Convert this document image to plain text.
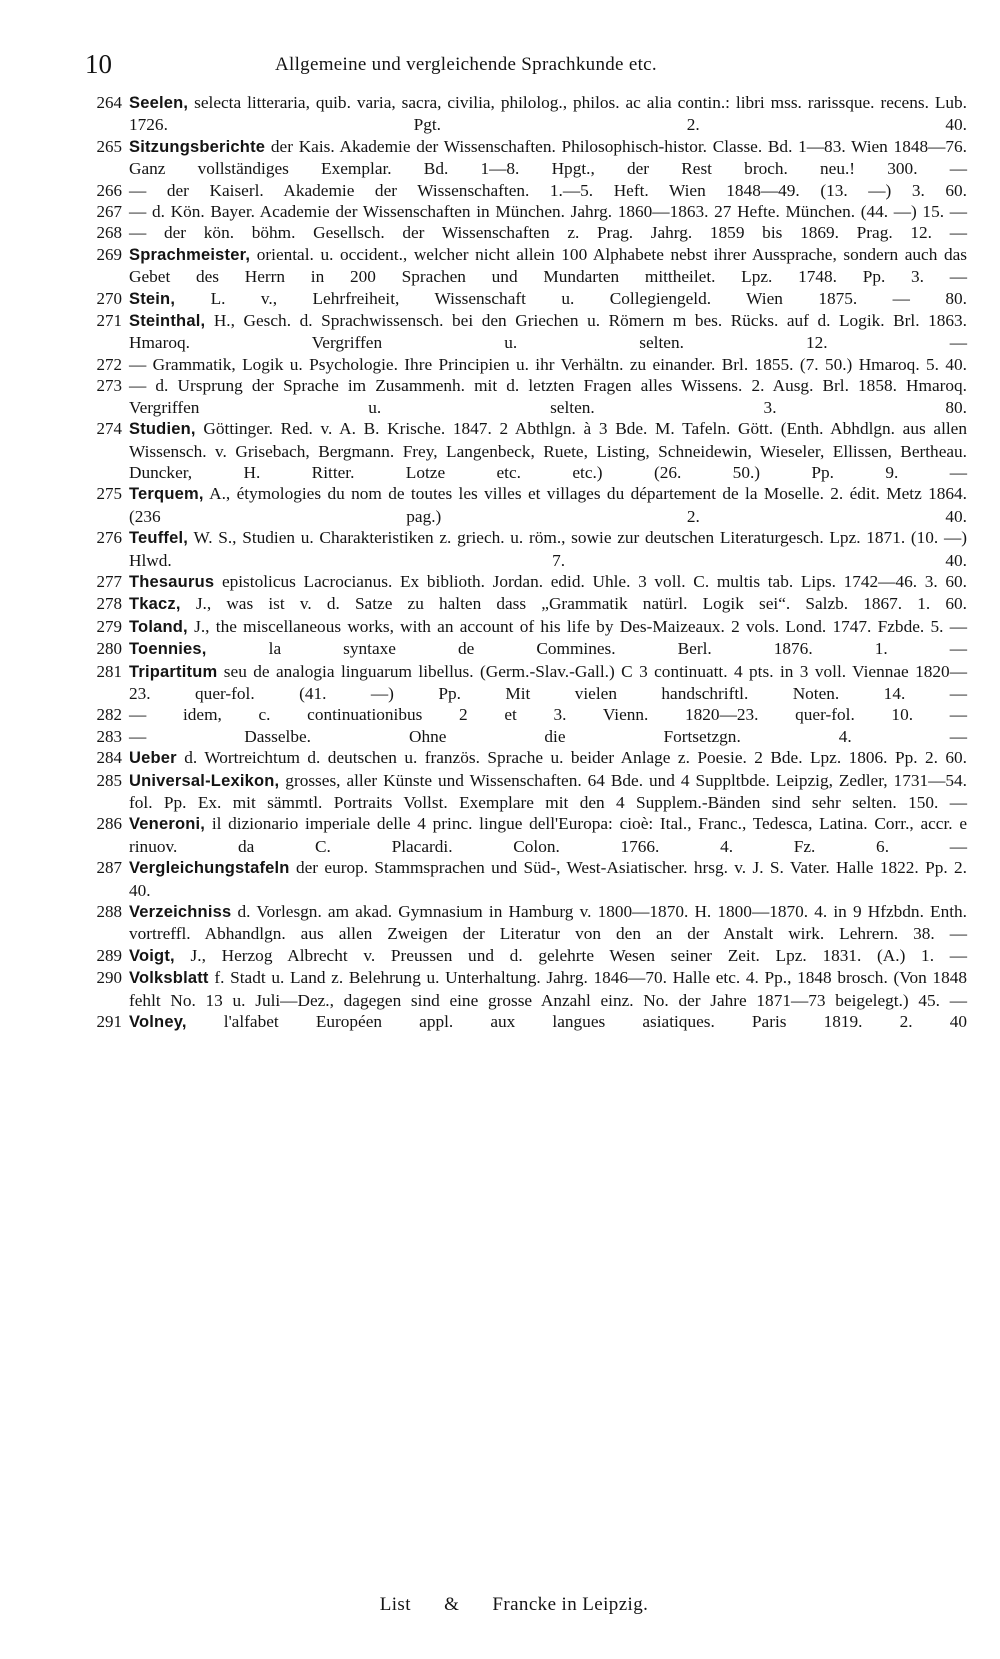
10	Allgemeine und vergleichende Sprachkunde etc.
264 Seelen, selecta litteraria, quib. varia, sacra, civilia, philolog., philos. ac alia contin.: libri mss. rarissque. recens. Lub. 1726. Pgt. 2. 40.
265 Sitzungsberichte der Kais. Akademie der Wissenschaften. Philosophisch-histor. Classe. Bd. 1—83. Wien 1848—76. Ganz vollständiges Exemplar. Bd. 1—8. Hpgt., der Rest broch. neu.! 300. —
266 — der Kaiserl. Akademie der Wissenschaften. 1.—5. Heft. Wien 1848—49. (13. —) 3. 60.
267 — d. Kön. Bayer. Academie der Wissenschaften in München. Jahrg. 1860—1863. 27 Hefte. München. (44. —) 15. —
268 — der kön. böhm. Gesellsch. der Wissenschaften z. Prag. Jahrg. 1859 bis 1869. Prag. 12. —
269 Sprachmeister, oriental. u. occident., welcher nicht allein 100 Alphabete nebst ihrer Aussprache, sondern auch das Gebet des Herrn in 200 Sprachen und Mundarten mittheilet. Lpz. 1748. Pp. 3. —
270 Stein, L. v., Lehrfreiheit, Wissenschaft u. Collegiengeld. Wien 1875. — 80.
271 Steinthal, H., Gesch. d. Sprachwissensch. bei den Griechen u. Römern m bes. Rücks. auf d. Logik. Brl. 1863. Hmaroq. Vergriffen u. selten. 12. —
272 — Grammatik, Logik u. Psychologie. Ihre Principien u. ihr Verhältn. zu einander. Brl. 1855. (7. 50.) Hmaroq. 5. 40.
273 — d. Ursprung der Sprache im Zusammenh. mit d. letzten Fragen alles Wissens. 2. Ausg. Brl. 1858. Hmaroq. Vergriffen u. selten. 3. 80.
274 Studien, Göttinger. Red. v. A. B. Krische. 1847. 2 Abthlgn. à 3 Bde. M. Tafeln. Gött. (Enth. Abhdlgn. aus allen Wissensch. v. Grisebach, Bergmann. Frey, Langenbeck, Ruete, Listing, Schneidewin, Wieseler, Ellissen, Bertheau. Duncker, H. Ritter. Lotze etc. etc.) (26. 50.) Pp. 9. —
275 Terquem, A., étymologies du nom de toutes les villes et villages du département de la Moselle. 2. édit. Metz 1864. (236 pag.) 2. 40.
276 Teuffel, W. S., Studien u. Charakteristiken z. griech. u. röm., sowie zur deutschen Literaturgesch. Lpz. 1871. (10. —) Hlwd. 7. 40.
277 Thesaurus epistolicus Lacrocianus. Ex biblioth. Jordan. edid. Uhle. 3 voll. C. multis tab. Lips. 1742—46. 3. 60.
278 Tkacz, J., was ist v. d. Satze zu halten dass „Grammatik natürl. Logik sei“. Salzb. 1867. 1. 60.
279 Toland, J., the miscellaneous works, with an account of his life by Des-Maizeaux. 2 vols. Lond. 1747. Fzbde. 5. —
280 Toennies,	la syntaxe de Commines. Berl. 1876. 1. —
281 Tripartitum seu de analogia linguarum libellus. (Germ.-Slav.-Gall.) C 3 continuatt. 4 pts. in 3 voll. Viennae 1820—23. quer-fol. (41. —) Pp. Mit vielen handschriftl. Noten. 14. —
282 — idem, c. continuationibus 2 et 3. Vienn. 1820—23. quer-fol. 10. —
283 — Dasselbe. Ohne die Fortsetzgn. 4. —
284 Ueber d. Wortreichtum d. deutschen u. französ. Sprache u. beider Anlage z. Poesie. 2 Bde. Lpz. 1806. Pp. 2. 60.
285 Universal-Lexikon, grosses, aller Künste und Wissenschaften. 64 Bde. und 4 Suppltbde. Leipzig, Zedler, 1731—54. fol. Pp. Ex. mit sämmtl. Portraits Vollst. Exemplare mit den 4 Supplem.-Bänden sind sehr selten. 150. —
286 Veneroni, il dizionario imperiale delle 4 princ. lingue dell'Europa: cioè: Ital., Franc., Tedesca, Latina. Corr., accr. e rinuov. da C. Placardi. Colon. 1766. 4. Fz. 6. —
287 Vergleichungstafeln der europ. Stammsprachen und Süd-, West-Asiatischer. hrsg. v. J. S. Vater. Halle 1822. Pp. 2. 40.
288 Verzeichniss d. Vorlesgn. am akad. Gymnasium in Hamburg v. 1800—1870. H. 1800—1870. 4. in 9 Hfzbdn. Enth. vortreffl. Abhandlgn. aus allen Zweigen der Literatur von den an der Anstalt wirk. Lehrern. 38. —
289 Voigt, J., Herzog Albrecht v. Preussen und d. gelehrte Wesen seiner Zeit. Lpz. 1831. (A.) 1. —
290 Volksblatt f. Stadt u. Land z. Belehrung u. Unterhaltung. Jahrg. 1846—70. Halle etc. 4. Pp., 1848 brosch. (Von 1848 fehlt No. 13 u. Juli—Dez., dagegen sind eine grosse Anzahl einz. No. der Jahre 1871—73 beigelegt.) 45. —
291 Volney, l'alfabet Européen appl. aux langues asiatiques. Paris 1819. 2. 40
List & Francke in Leipzig.
